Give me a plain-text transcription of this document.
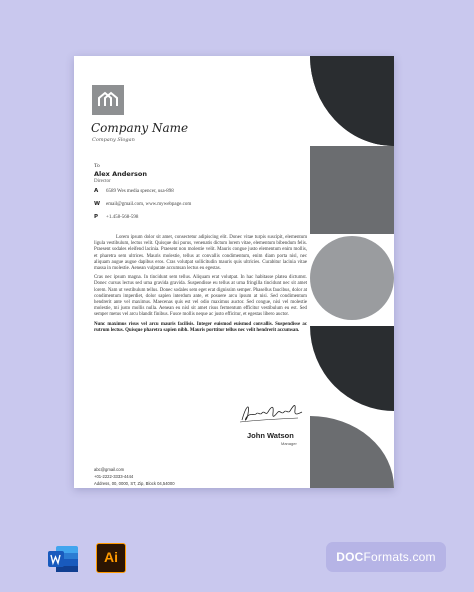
Company Name
Company Slogan
To
Alex Anderson
Director
A 6589 Wes media spencer, usa-898
W email@gmail.com, www.mywebpage.com
P +1.458-568-598

Lorem ipsum dolor sit amet, consectetur adipiscing elit. Donec vitae turpis suscipit, elementum ligula vestibulum, lectus velit. Quisque dui purus, venenatis dictum lorem vitae, elementum bibendum felis. Praesent sodales eleifend lacinia. Praesent non molestie velit. Mauris congue justo elementum enim mollis, et pharetra sem ultrices. Mauris molestie, tellus at convallis condimentum, enim diam porta nisl, nec aliquam augue augue dapibus eros. Cras volutpat sollicitudin mauris quis ultricies. Curabitur lacinia vitae massa in molestie. Aenean vulputate accumsan lectus eu egestas.

Cras nec ipsum magna. In tincidunt sem tellus. Aliquam erat volutpat. In hac habitasse platea dictumst. Donec cursus lectus sed urna gravida gravida. Suspendisse eu tellus at urna fringilla tincidunt nec sit amet lorem. Nam ut vestibulum tellus. Donec sodales sem eget erat dignissim semper. Phasellus faucibus, dolor at condimentum imperdiet, dolor sapien interdum ante, et posuere arcu ipsum at nisi. Sed condimentum hendrerit ante vel maximus. Maecenas quis est vel odio maximus auctor. Sed congue, nisi vel molestie molestie, mi justo mollis nulla. Aenean eu nisl sit amet risus fermentum efficitur vestibulum eu est. Sed semper metus vel arcu blandit finibus. Fusce mollis neque ac justo efficitur, et egestas libero auctor.

Nunc maximus risus vel arcu mauris facilisis. Integer euismod euismod convallis. Suspendisse ac rutrum lectus. Quisque pharetra sapien nibh. Mauris porttitor tellus nec velit hendrerit accumsan.

John Watson
Manager
abc@gmail.com
+01-2222-3333-4444
Address, 00, 0000, ST, Zip, Block 04,54000
Ai	DOCFormats.com
